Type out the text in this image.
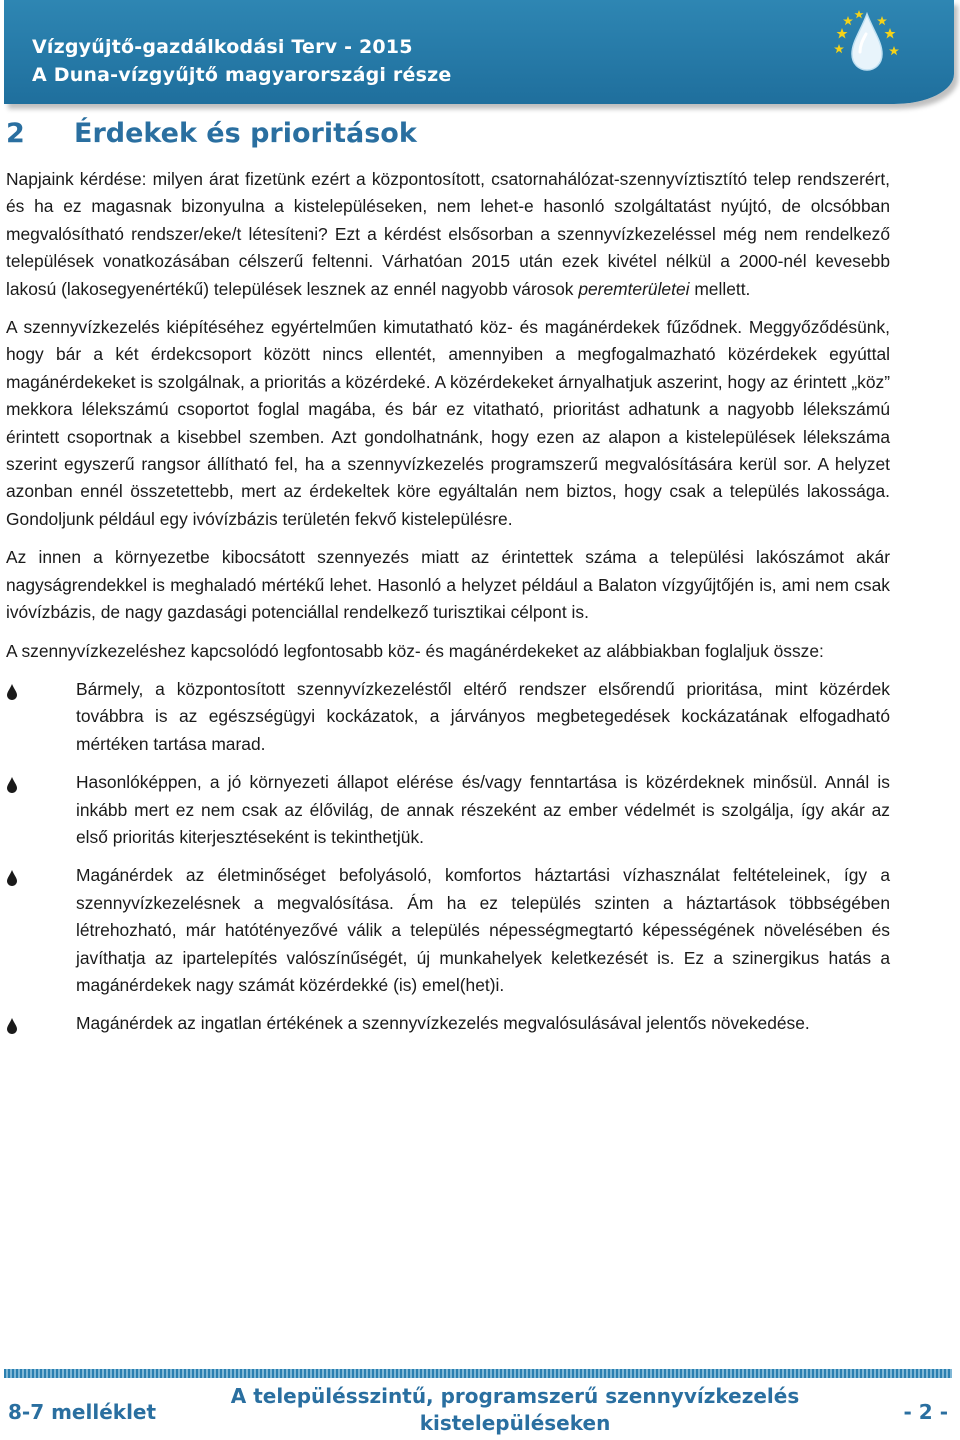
Vízgyűjtő-gazdálkodási Terv - 2015
A Duna-vízgyűjtő magyarországi része
2 Érdekek és prioritások

Napjaink kérdése: milyen árat fizetünk ezért a központosított, csatornahálózat-szennyvíztisztító telep rendszerért, és ha ez magasnak bizonyulna a kistelepüléseken, nem lehet-e hasonló szolgáltatást nyújtó, de olcsóbban megvalósítható rendszer/eke/t létesíteni? Ezt a kérdést elsősorban a szennyvízkezeléssel még nem rendelkező települések vonatkozásában célszerű feltenni. Várhatóan 2015 után ezek kivétel nélkül a 2000-nél kevesebb lakosú (lakosegyenértékű) települések lesznek az ennél nagyobb városok peremterületei mellett.

A szennyvízkezelés kiépítéséhez egyértelműen kimutatható köz- és magánérdekek fűződnek. Meggyőződésünk, hogy bár a két érdekcsoport között nincs ellentét, amennyiben a megfogalmazható közérdekek egyúttal magánérdekeket is szolgálnak, a prioritás a közérdeké. A közérdekeket árnyalhatjuk aszerint, hogy az érintett „köz” mekkora lélekszámú csoportot foglal magába, és bár ez vitatható, prioritást adhatunk a nagyobb lélekszámú érintett csoportnak a kisebbel szemben. Azt gondolhatnánk, hogy ezen az alapon a kistelepülések lélekszáma szerint egyszerű rangsor állítható fel, ha a szennyvízkezelés programszerű megvalósítására kerül sor. A helyzet azonban ennél összetettebb, mert az érdekeltek köre egyáltalán nem biztos, hogy csak a település lakossága. Gondoljunk például egy ivóvízbázis területén fekvő kistelepülésre.

Az innen a környezetbe kibocsátott szennyezés miatt az érintettek száma a települési lakószámot akár nagyságrendekkel is meghaladó mértékű lehet. Hasonló a helyzet például a Balaton vízgyűjtőjén is, ami nem csak ivóvízbázis, de nagy gazdasági potenciállal rendelkező turisztikai célpont is.

A szennyvízkezeléshez kapcsolódó legfontosabb köz- és magánérdekeket az alábbiakban foglaljuk össze:

Bármely, a központosított szennyvízkezeléstől eltérő rendszer elsőrendű prioritása, mint közérdek továbbra is az egészségügyi kockázatok, a járványos megbetegedések kockázatának elfogadható mértéken tartása marad.
Hasonlóképpen, a jó környezeti állapot elérése és/vagy fenntartása is közérdeknek minősül. Annál is inkább mert ez nem csak az élővilág, de annak részeként az ember védelmét is szolgálja, így akár az első prioritás kiterjesztéseként is tekinthetjük.
Magánérdek az életminőséget befolyásoló, komfortos háztartási vízhasználat feltételeinek, így a szennyvízkezelésnek a megvalósítása. Ám ha ez település szinten a háztartások többségében létrehozható, már hatótényezővé válik a település népességmegtartó képességének növelésében és javíthatja az ipartelepítés valószínűségét, új munkahelyek keletkezését is. Ez a szinergikus hatás a magánérdekek nagy számát közérdekké (is) emel(het)i.
Magánérdek az ingatlan értékének a szennyvízkezelés megvalósulásával jelentős növekedése.
8-7 melléklet
A településszintű, programszerű szennyvízkezelés
kistelepüléseken	- 2 -
